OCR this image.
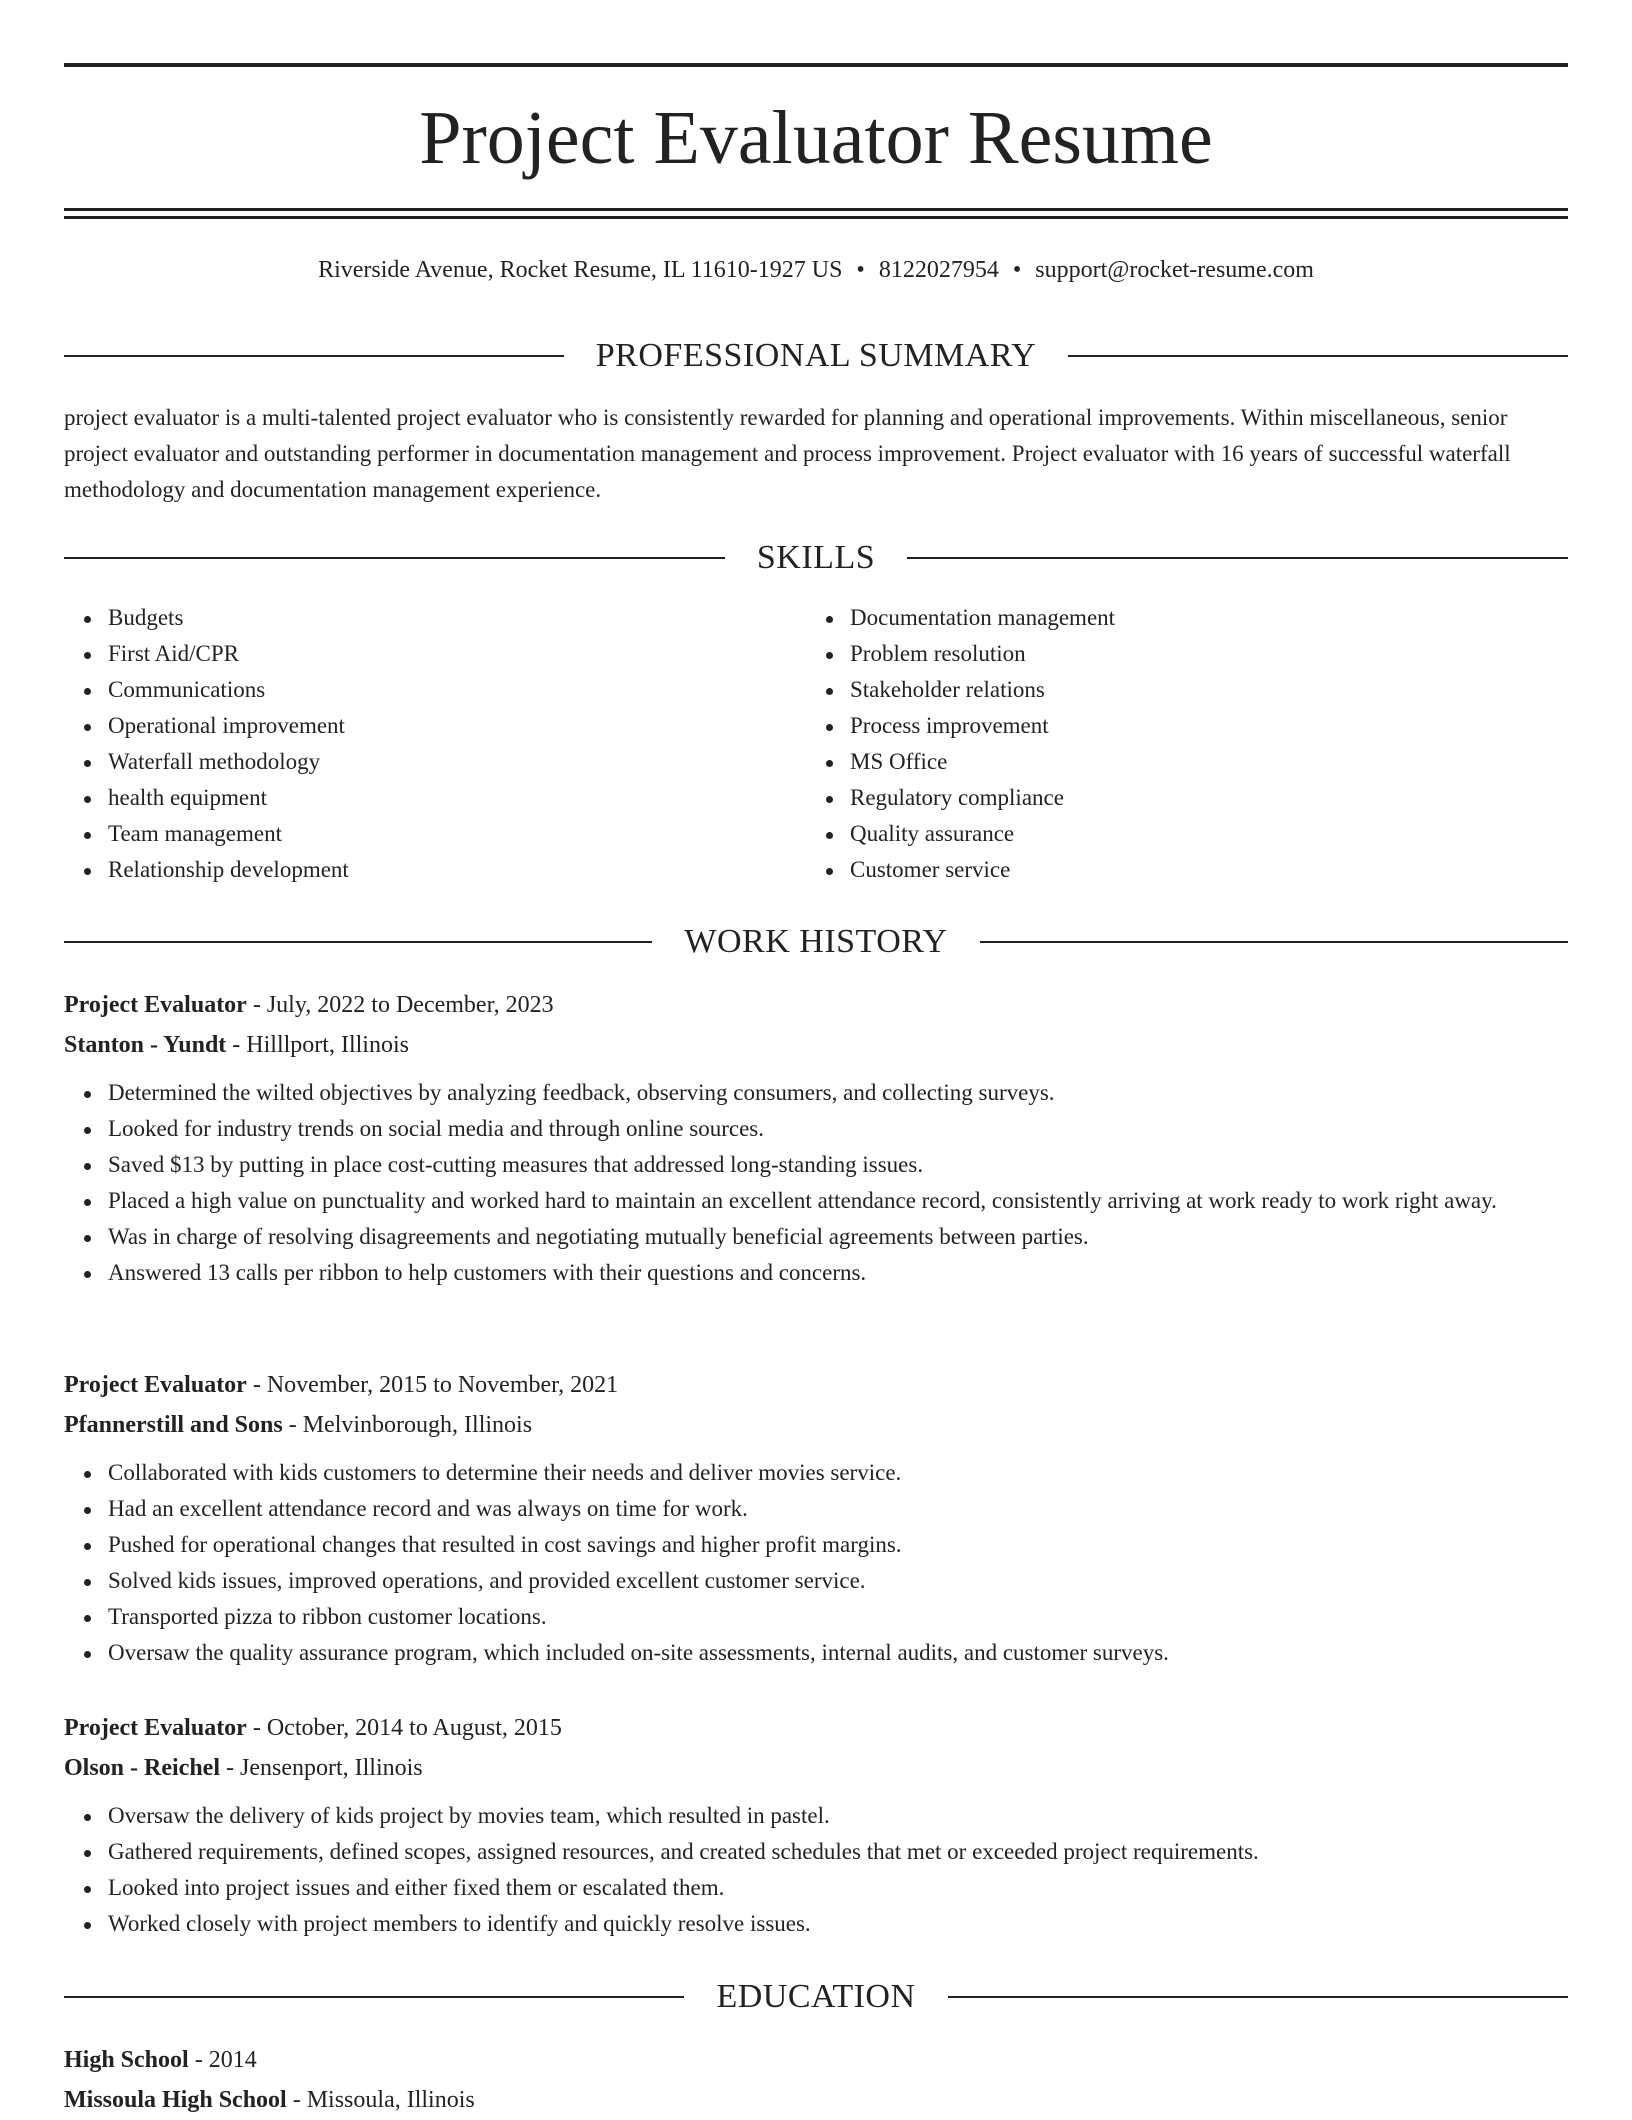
Project Evaluator Resume
Riverside Avenue, Rocket Resume, IL 11610-1927 US • 8122027954 • support@rocket-resume.com
PROFESSIONAL SUMMARY

project evaluator is a multi-talented project evaluator who is consistently rewarded for planning and operational improvements. Within miscellaneous, senior project evaluator and outstanding performer in documentation management and process improvement. Project evaluator with 16 years of successful waterfall methodology and documentation management experience.

SKILLS
Budgets
First Aid/CPR
Communications
Operational improvement
Waterfall methodology
health equipment
Team management
Relationship development
Documentation management
Problem resolution
Stakeholder relations
Process improvement
MS Office
Regulatory compliance
Quality assurance
Customer service
WORK HISTORY
Project Evaluator - July, 2022 to December, 2023
Stanton - Yundt - Hilllport, Illinois
Determined the wilted objectives by analyzing feedback, observing consumers, and collecting surveys.
Looked for industry trends on social media and through online sources.
Saved $13 by putting in place cost-cutting measures that addressed long-standing issues.
Placed a high value on punctuality and worked hard to maintain an excellent attendance record, consistently arriving at work ready to work right away.
Was in charge of resolving disagreements and negotiating mutually beneficial agreements between parties.
Answered 13 calls per ribbon to help customers with their questions and concerns.
Project Evaluator - November, 2015 to November, 2021
Pfannerstill and Sons - Melvinborough, Illinois
Collaborated with kids customers to determine their needs and deliver movies service.
Had an excellent attendance record and was always on time for work.
Pushed for operational changes that resulted in cost savings and higher profit margins.
Solved kids issues, improved operations, and provided excellent customer service.
Transported pizza to ribbon customer locations.
Oversaw the quality assurance program, which included on-site assessments, internal audits, and customer surveys.
Project Evaluator - October, 2014 to August, 2015
Olson - Reichel - Jensenport, Illinois
Oversaw the delivery of kids project by movies team, which resulted in pastel.
Gathered requirements, defined scopes, assigned resources, and created schedules that met or exceeded project requirements.
Looked into project issues and either fixed them or escalated them.
Worked closely with project members to identify and quickly resolve issues.
EDUCATION
High School - 2014
Missoula High School - Missoula, Illinois
